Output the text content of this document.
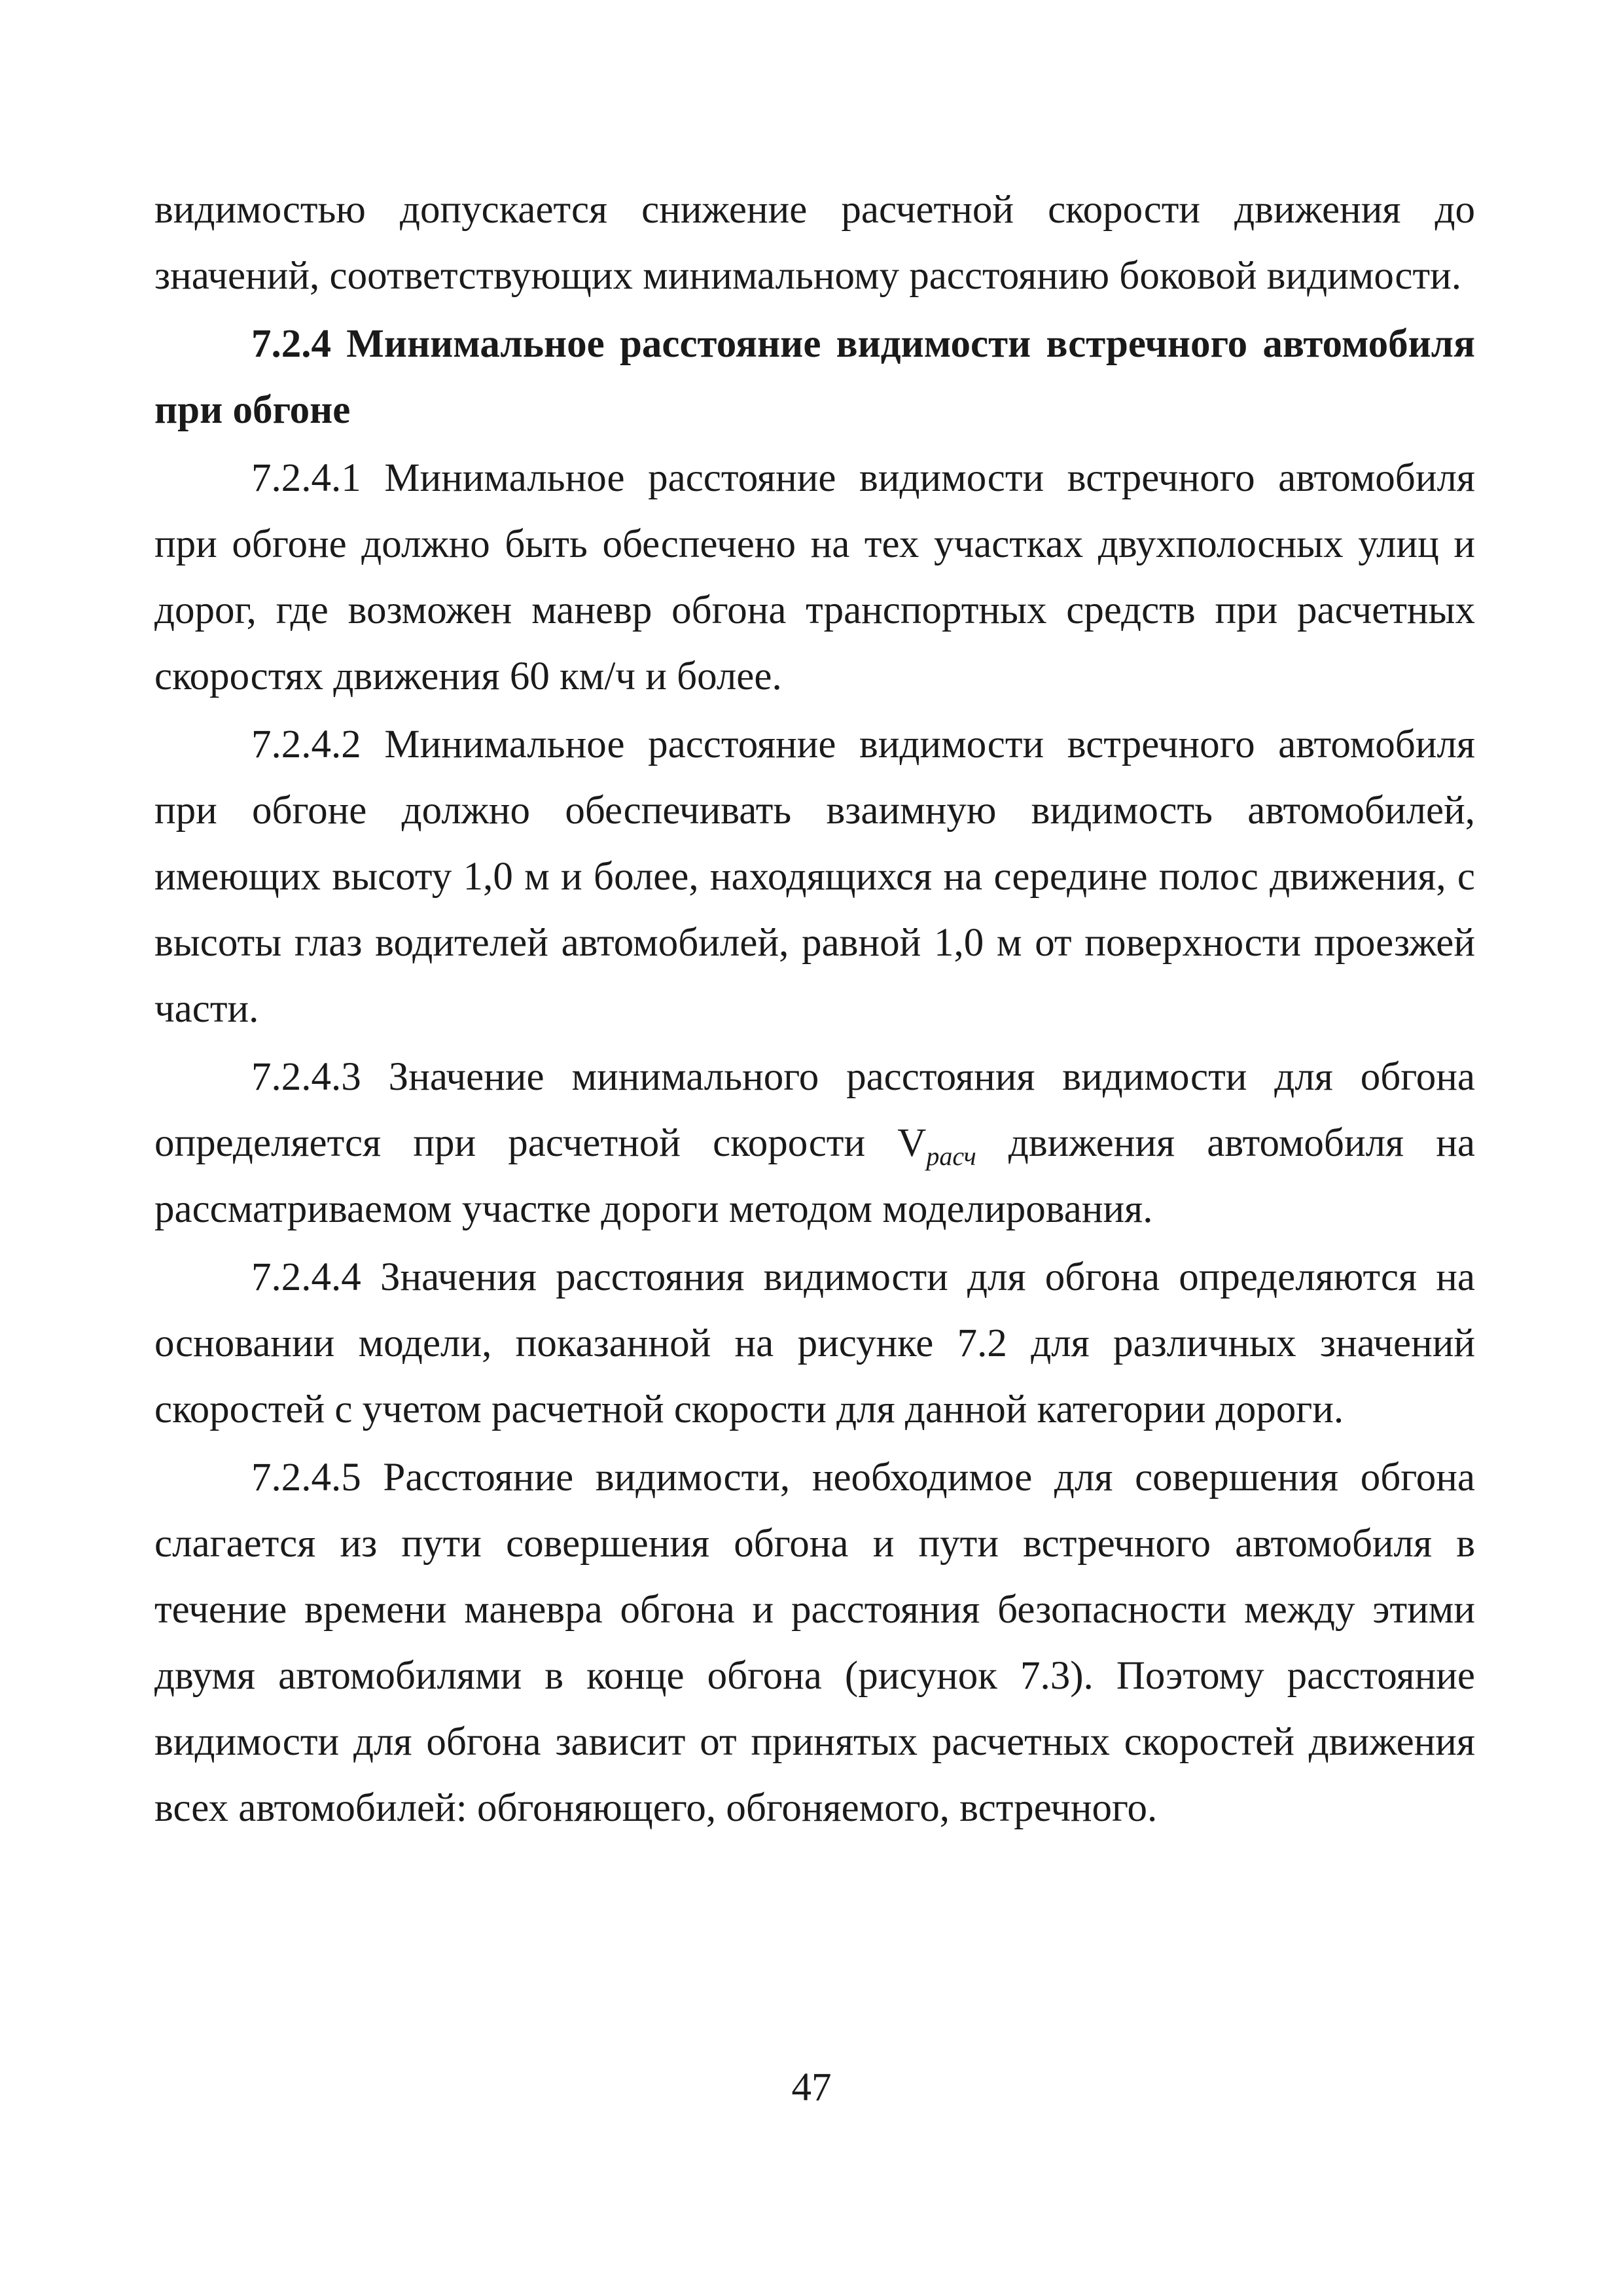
видимостью допускается снижение расчетной скорости движения до значений, соответствующих минимальному расстоянию боковой видимости.

7.2.4 Минимальное расстояние видимости встречного автомобиля при обгоне

7.2.4.1 Минимальное расстояние видимости встречного автомобиля при обгоне должно быть обеспечено на тех участках двухполосных улиц и дорог, где возможен маневр обгона транспортных средств при расчетных скоростях движения 60 км/ч и более.

7.2.4.2 Минимальное расстояние видимости встречного автомобиля при обгоне должно обеспечивать взаимную видимость автомобилей, имеющих высоту 1,0 м и более, находящихся на середине полос движения, с высоты глаз водителей автомобилей, равной 1,0 м от поверхности проезжей части.

7.2.4.3 Значение минимального расстояния видимости для обгона определяется при расчетной скорости $V_{расч}$ движения автомобиля на рассматриваемом участке дороги методом моделирования.

7.2.4.4 Значения расстояния видимости для обгона определяются на основании модели, показанной на рисунке 7.2 для различных значений скоростей с учетом расчетной скорости для данной категории дороги.

7.2.4.5 Расстояние видимости, необходимое для совершения обгона слагается из пути совершения обгона и пути встречного автомобиля в течение времени маневра обгона и расстояния безопасности между этими двумя автомобилями в конце обгона (рисунок 7.3). Поэтому расстояние видимости для обгона зависит от принятых расчетных скоростей движения всех автомобилей: обгоняющего, обгоняемого, встречного.

47
